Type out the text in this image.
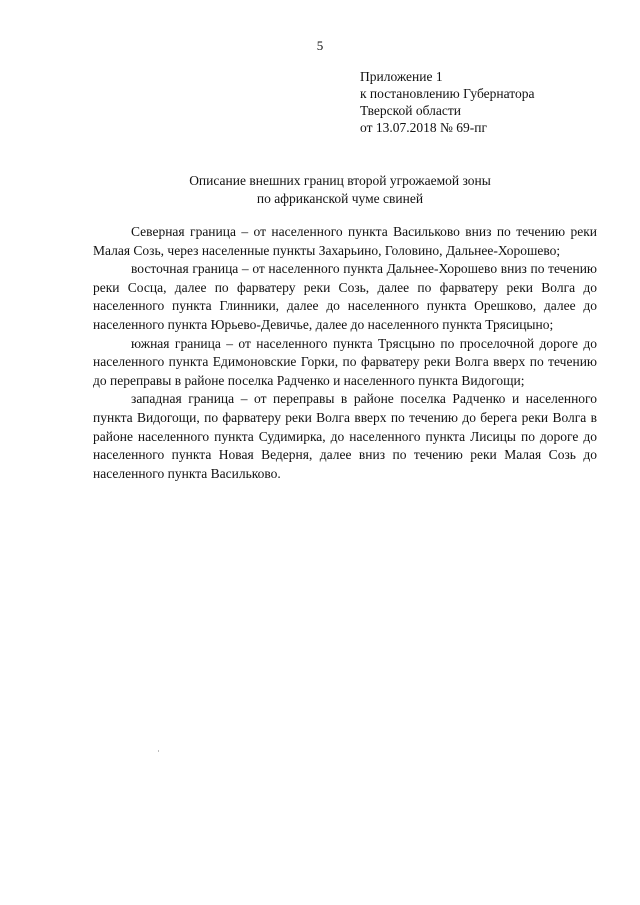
5
Приложение 1
к постановлению Губернатора
Тверской области
от 13.07.2018 № 69-пг
Описание внешних границ второй угрожаемой зоны
по африканской чуме свиней

Северная граница – от населенного пункта Васильково вниз по течению реки Малая Созь, через населенные пункты Захарьино, Головино, Дальнее-Хорошево;

восточная граница – от населенного пункта Дальнее-Хорошево вниз по течению реки Сосца, далее по фарватеру реки Созь, далее по фарватеру реки Волга до населенного пункта Глинники, далее до населенного пункта Орешково, далее до населенного пункта Юрьево-Девичье, далее до населенного пункта Трясицыно;

южная граница – от населенного пункта Трясцыно по проселочной дороге до населенного пункта Едимоновские Горки, по фарватеру реки Волга вверх по течению до переправы в районе поселка Радченко и населенного пункта Видогощи;

западная граница – от переправы в районе поселка Радченко и населенного пункта Видогощи, по фарватеру реки Волга вверх по течению до берега реки Волга в районе населенного пункта Судимирка, до населенного пункта Лисицы по дороге до населенного пункта Новая Ведерня, далее вниз по течению реки Малая Созь до населенного пункта Васильково.
